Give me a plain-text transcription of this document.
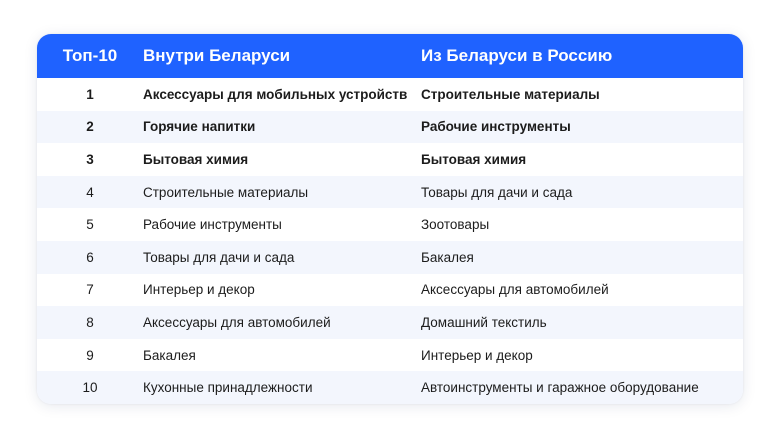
Топ-10	Внутри Беларуси	Из Беларуси в Россию
1	Аксессуары для мобильных устройств	Строительные материалы
2	Горячие напитки	Рабочие инструменты
3	Бытовая химия	Бытовая химия
4	Строительные материалы	Товары для дачи и сада
5	Рабочие инструменты	Зоотовары
6	Товары для дачи и сада	Бакалея
7	Интерьер и декор	Аксессуары для автомобилей
8	Аксессуары для автомобилей	Домашний текстиль
9	Бакалея	Интерьер и декор
10	Кухонные принадлежности	Автоинструменты и гаражное оборудование
